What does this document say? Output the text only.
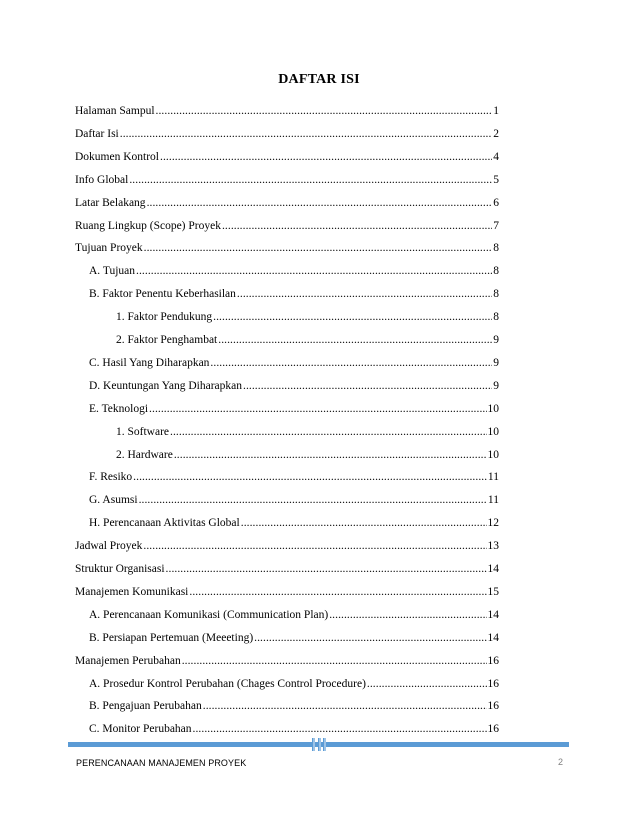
DAFTAR ISI
Halaman Sampul . . .	1
Daftar Isi . . .	2
Dokumen Kontrol . . .	4
Info Global . . .	5
Latar Belakang . . .	6
Ruang Lingkup (Scope) Proyek . . .	7
Tujuan Proyek . . .	8
A. Tujuan . . .	8
B. Faktor Penentu Keberhasilan . . .	8
1. Faktor Pendukung . . .	8
2. Faktor Penghambat . . .	9
C. Hasil Yang Diharapkan . . .	9
D. Keuntungan Yang Diharapkan . . .	9
E. Teknologi . . .	10
1. Software . . .	10
2. Hardware . . .	10
F. Resiko . . .	11
G. Asumsi . . .	11
H. Perencanaan Aktivitas Global . . .	12
Jadwal Proyek . . .	13
Struktur Organisasi . . .	14
Manajemen Komunikasi . . .	15
A. Perencanaan Komunikasi (Communication Plan) . . .	14
B. Persiapan Pertemuan (Meeeting) . . .	14
Manajemen Perubahan . . .	16
A. Prosedur Kontrol Perubahan (Chages Control Procedure) . . .	16
B. Pengajuan Perubahan . . .	16
C. Monitor Perubahan . . .	16
PERENCANAAN MANAJEMEN PROYEK	2
